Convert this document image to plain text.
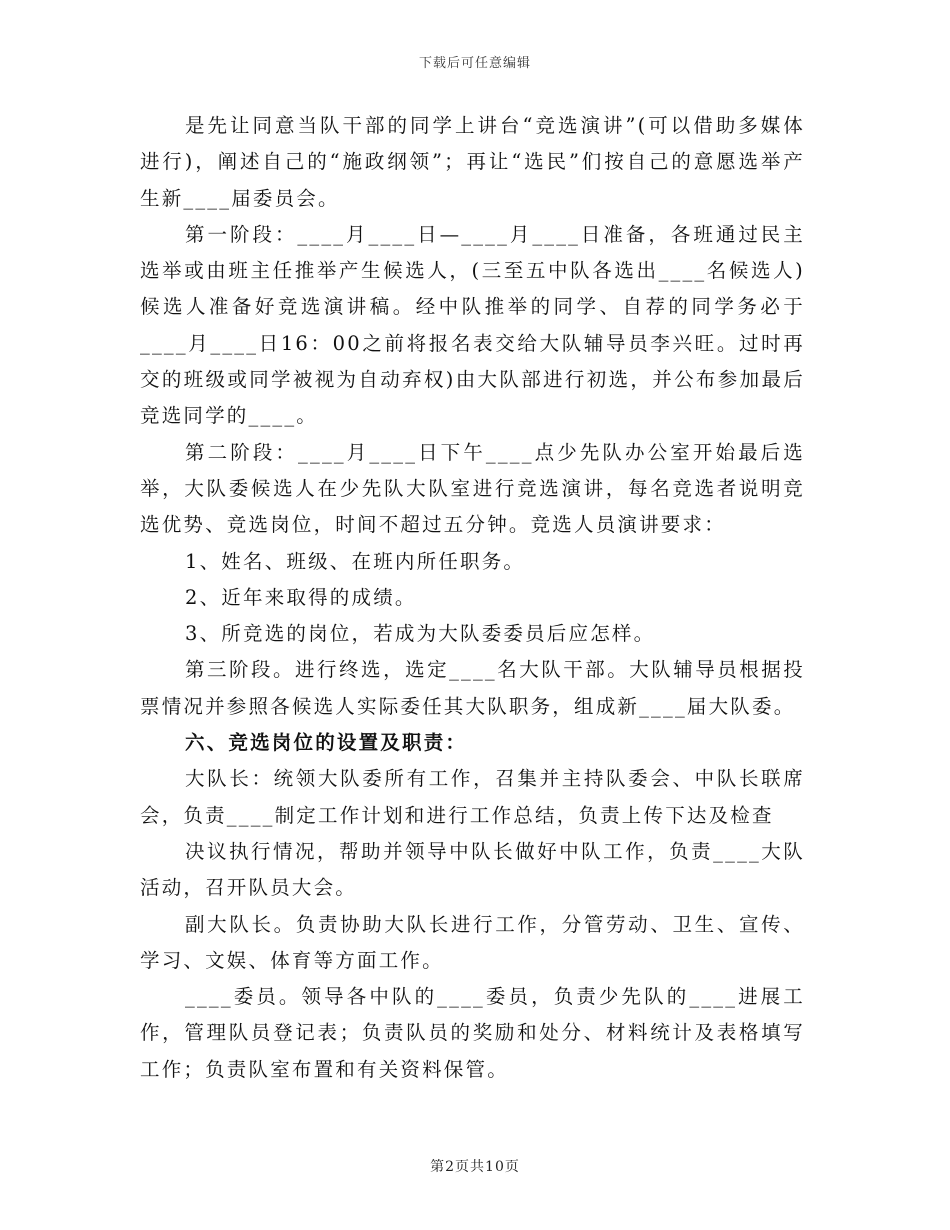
下载后可任意编辑

是先让同意当队干部的同学上讲台“竞选演讲”(可以借助多媒体进行)，阐述自己的“施政纲领”；再让“选民”们按自己的意愿选举产生新____届委员会。

第一阶段：____月____日—____月____日准备，各班通过民主选举或由班主任推举产生候选人，(三至五中队各选出____名候选人)候选人准备好竞选演讲稿。经中队推举的同学、自荐的同学务必于____月____日16：00之前将报名表交给大队辅导员李兴旺。过时再交的班级或同学被视为自动弃权)由大队部进行初选，并公布参加最后竞选同学的____。

第二阶段：____月____日下午____点少先队办公室开始最后选举，大队委候选人在少先队大队室进行竞选演讲，每名竞选者说明竞选优势、竞选岗位，时间不超过五分钟。竞选人员演讲要求：

1、姓名、班级、在班内所任职务。

2、近年来取得的成绩。

3、所竞选的岗位，若成为大队委委员后应怎样。

第三阶段。进行终选，选定____名大队干部。大队辅导员根据投票情况并参照各候选人实际委任其大队职务，组成新____届大队委。

六、竞选岗位的设置及职责：

大队长：统领大队委所有工作，召集并主持队委会、中队长联席会，负责____制定工作计划和进行工作总结，负责上传下达及检查

决议执行情况，帮助并领导中队长做好中队工作，负责____大队活动，召开队员大会。

副大队长。负责协助大队长进行工作，分管劳动、卫生、宣传、学习、文娱、体育等方面工作。

____委员。领导各中队的____委员，负责少先队的____进展工作，管理队员登记表；负责队员的奖励和处分、材料统计及表格填写工作；负责队室布置和有关资料保管。

第2页共10页
